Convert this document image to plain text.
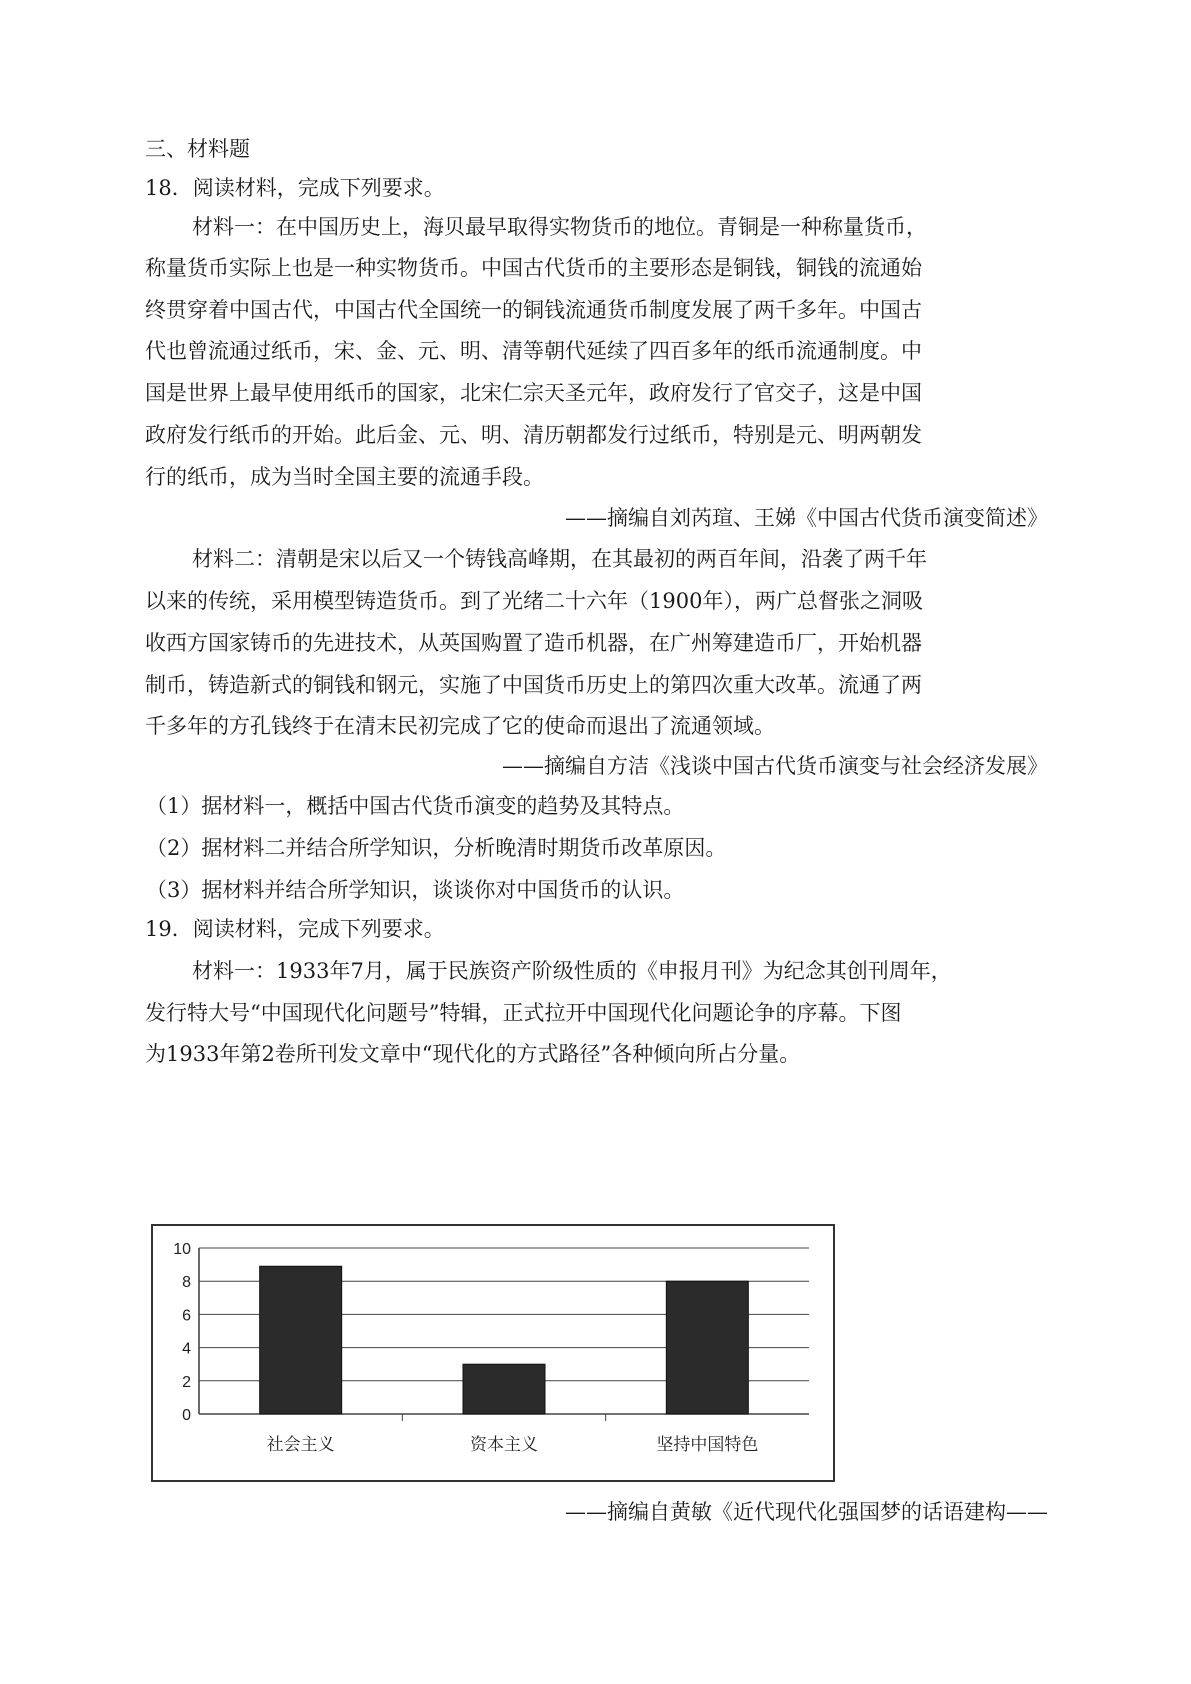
三、材料题
18．阅读材料，完成下列要求。
材料一：在中国历史上，海贝最早取得实物货币的地位。青铜是一种称量货币，
称量货币实际上也是一种实物货币。中国古代货币的主要形态是铜钱，铜钱的流通始
终贯穿着中国古代，中国古代全国统一的铜钱流通货币制度发展了两千多年。中国古
代也曾流通过纸币，宋、金、元、明、清等朝代延续了四百多年的纸币流通制度。中
国是世界上最早使用纸币的国家，北宋仁宗天圣元年，政府发行了官交子，这是中国
政府发行纸币的开始。此后金、元、明、清历朝都发行过纸币，特别是元、明两朝发
行的纸币，成为当时全国主要的流通手段。
——摘编自刘芮瑄、王娣《中国古代货币演变简述》
材料二：清朝是宋以后又一个铸钱高峰期，在其最初的两百年间，沿袭了两千年
以来的传统，采用模型铸造货币。到了光绪二十六年（1900年），两广总督张之洞吸
收西方国家铸币的先进技术，从英国购置了造币机器，在广州筹建造币厂，开始机器
制币，铸造新式的铜钱和钢元，实施了中国货币历史上的第四次重大改革。流通了两
千多年的方孔钱终于在清末民初完成了它的使命而退出了流通领域。
——摘编自方洁《浅谈中国古代货币演变与社会经济发展》
（1）据材料一，概括中国古代货币演变的趋势及其特点。
（2）据材料二并结合所学知识，分析晚清时期货币改革原因。
（3）据材料并结合所学知识，谈谈你对中国货币的认识。
19．阅读材料，完成下列要求。
材料一：1933年7月，属于民族资产阶级性质的《申报月刊》为纪念其创刊周年，
发行特大号“中国现代化问题号”特辑，正式拉开中国现代化问题论争的序幕。下图
为1933年第2卷所刊发文章中“现代化的方式路径”各种倾向所占分量。
0
2
4
6
8
10
社会主义	资本主义	坚持中国特色
——摘编自黄敏《近代现代化强国梦的话语建构——
